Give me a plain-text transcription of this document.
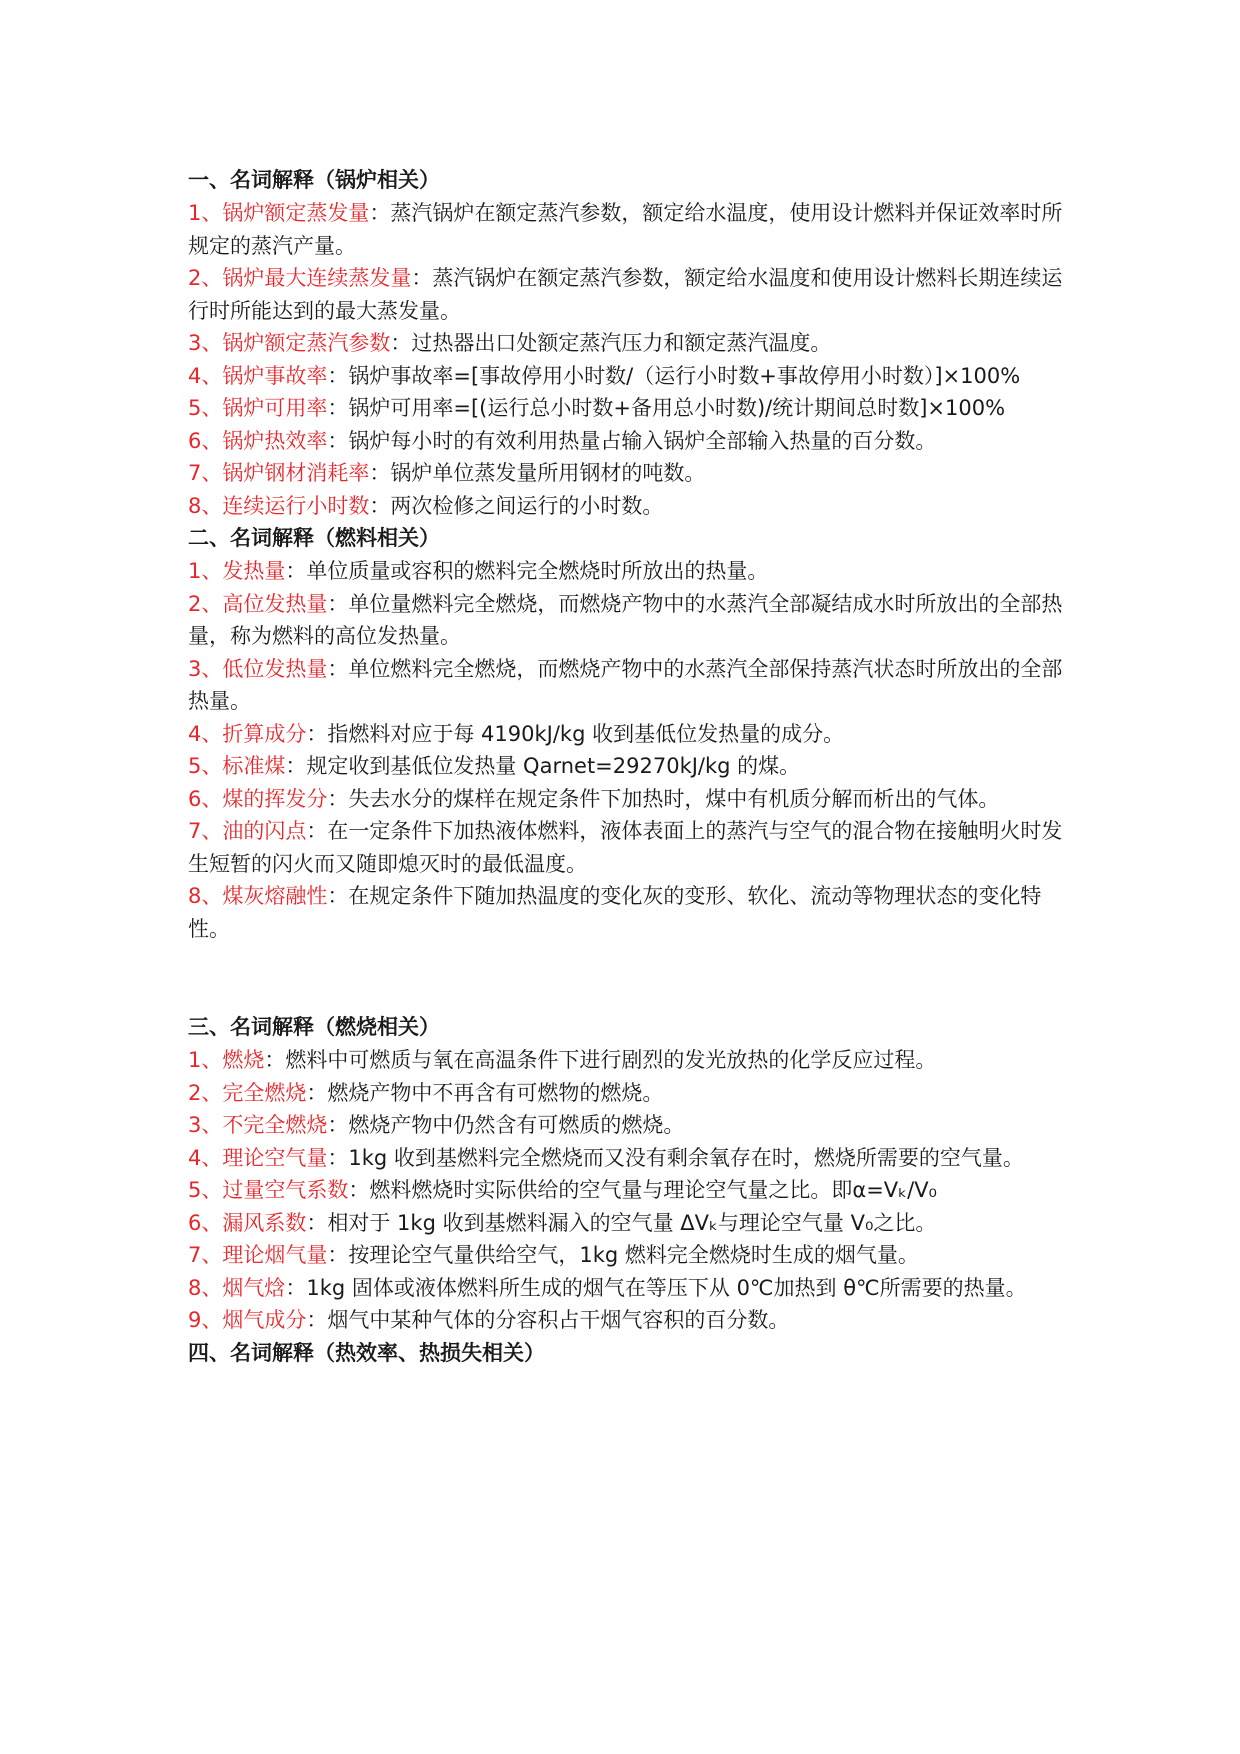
一、名词解释（锅炉相关）

1、锅炉额定蒸发量：蒸汽锅炉在额定蒸汽参数，额定给水温度，使用设计燃料并保证效率时所规定的蒸汽产量。

2、锅炉最大连续蒸发量：蒸汽锅炉在额定蒸汽参数，额定给水温度和使用设计燃料长期连续运行时所能达到的最大蒸发量。

3、锅炉额定蒸汽参数：过热器出口处额定蒸汽压力和额定蒸汽温度。

4、锅炉事故率：锅炉事故率=[事故停用小时数/（运行小时数+事故停用小时数）]×100%

5、锅炉可用率：锅炉可用率=[(运行总小时数+备用总小时数)/统计期间总时数]×100%

6、锅炉热效率：锅炉每小时的有效利用热量占输入锅炉全部输入热量的百分数。

7、锅炉钢材消耗率：锅炉单位蒸发量所用钢材的吨数。

8、连续运行小时数：两次检修之间运行的小时数。

二、名词解释（燃料相关）

1、发热量：单位质量或容积的燃料完全燃烧时所放出的热量。

2、高位发热量：单位量燃料完全燃烧，而燃烧产物中的水蒸汽全部凝结成水时所放出的全部热量，称为燃料的高位发热量。

3、低位发热量：单位燃料完全燃烧，而燃烧产物中的水蒸汽全部保持蒸汽状态时所放出的全部热量。

4、折算成分：指燃料对应于每 4190kJ/kg 收到基低位发热量的成分。

5、标准煤：规定收到基低位发热量 Qarnet=29270kJ/kg 的煤。

6、煤的挥发分：失去水分的煤样在规定条件下加热时，煤中有机质分解而析出的气体。

7、油的闪点：在一定条件下加热液体燃料，液体表面上的蒸汽与空气的混合物在接触明火时发生短暂的闪火而又随即熄灭时的最低温度。

8、煤灰熔融性：在规定条件下随加热温度的变化灰的变形、软化、流动等物理状态的变化特性。

三、名词解释（燃烧相关）

1、燃烧：燃料中可燃质与氧在高温条件下进行剧烈的发光放热的化学反应过程。

2、完全燃烧：燃烧产物中不再含有可燃物的燃烧。

3、不完全燃烧：燃烧产物中仍然含有可燃质的燃烧。

4、理论空气量：1kg 收到基燃料完全燃烧而又没有剩余氧存在时，燃烧所需要的空气量。

5、过量空气系数：燃料燃烧时实际供给的空气量与理论空气量之比。即α=Vₖ/V₀

6、漏风系数：相对于 1kg 收到基燃料漏入的空气量 ΔVₖ与理论空气量 V₀之比。

7、理论烟气量：按理论空气量供给空气，1kg 燃料完全燃烧时生成的烟气量。

8、烟气焓：1kg 固体或液体燃料所生成的烟气在等压下从 0℃加热到 θ℃所需要的热量。

9、烟气成分：烟气中某种气体的分容积占干烟气容积的百分数。

四、名词解释（热效率、热损失相关）
